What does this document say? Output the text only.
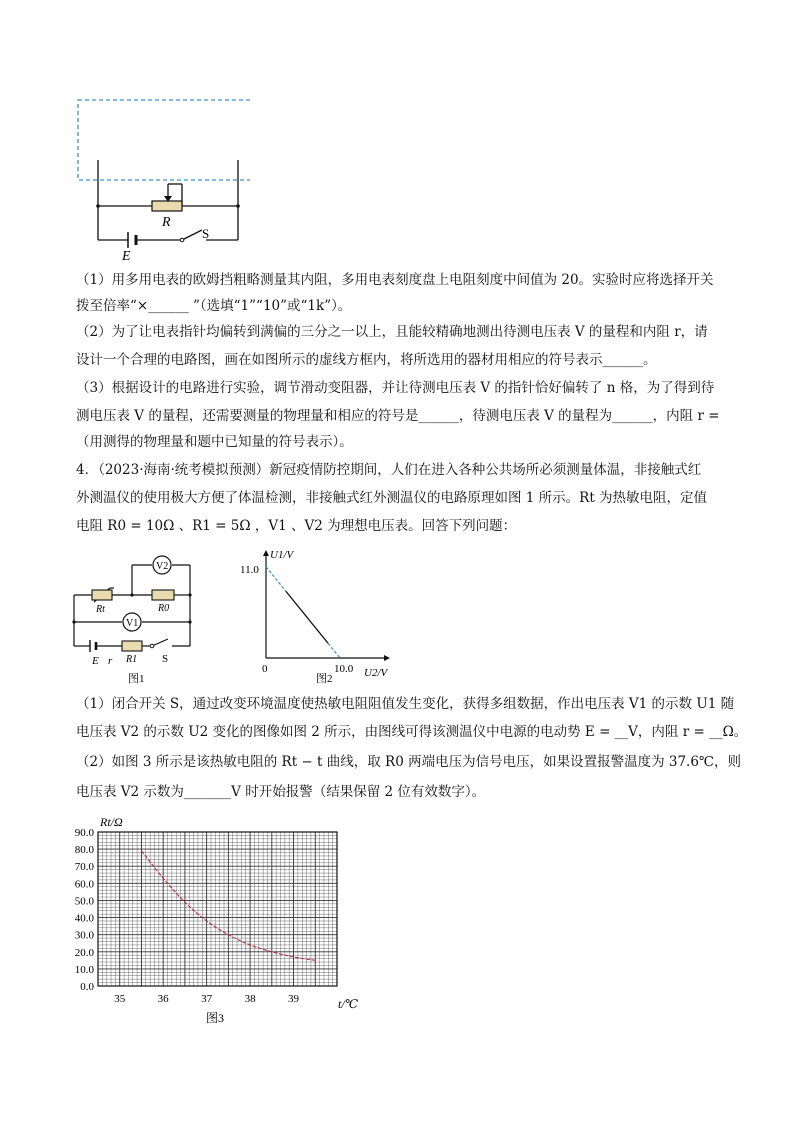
R
E
S
（1）用多用电表的欧姆挡粗略测量其内阻，多用电表刻度盘上电阻刻度中间值为 20。实验时应将选择开关
拨至倍率“×______ ”（选填“1”“10”或“1k”）。
（2）为了让电表指针均偏转到满偏的三分之一以上，且能较精确地测出待测电压表 V 的量程和内阻 r，请
设计一个合理的电路图，画在如图所示的虚线方框内，将所选用的器材用相应的符号表示______。
（3）根据设计的电路进行实验，调节滑动变阻器，并让待测电压表 V 的指针恰好偏转了 n 格，为了得到待
测电压表 V 的量程，还需要测量的物理量和相应的符号是______，待测电压表 V 的量程为______，内阻 r =
（用测得的物理量和题中已知量的符号表示）。
4．（2023·海南·统考模拟预测）新冠疫情防控期间，人们在进入各种公共场所必须测量体温，非接触式红
外测温仪的使用极大方便了体温检测，非接触式红外测温仪的电路原理如图 1 所示。Rt 为热敏电阻，定值
电阻 R0 = 10Ω 、R1 = 5Ω ，V1 、V2 为理想电压表。回答下列问题：
V2
V1
Rt	R0
E r R1 S
图1
U1/V
11.0
0	10.0 U2/V
图2
（1）闭合开关 S，通过改变环境温度使热敏电阻阻值发生变化，获得多组数据，作出电压表 V1 的示数 U1 随
电压表 V2 的示数 U2 变化的图像如图 2 所示，由图线可得该测温仪中电源的电动势 E = __V，内阻 r = __Ω。
（2）如图 3 所示是该热敏电阻的 Rt − t 曲线，取 R0 两端电压为信号电压，如果设置报警温度为 37.6℃，则
电压表 V2 示数为_______V 时开始报警（结果保留 2 位有效数字）。
0.0
10.0
20.0
30.0
40.0
50.0
60.0
70.0
80.0
90.0
35	36	37	38	39
Rt/Ω
t/℃
图3
